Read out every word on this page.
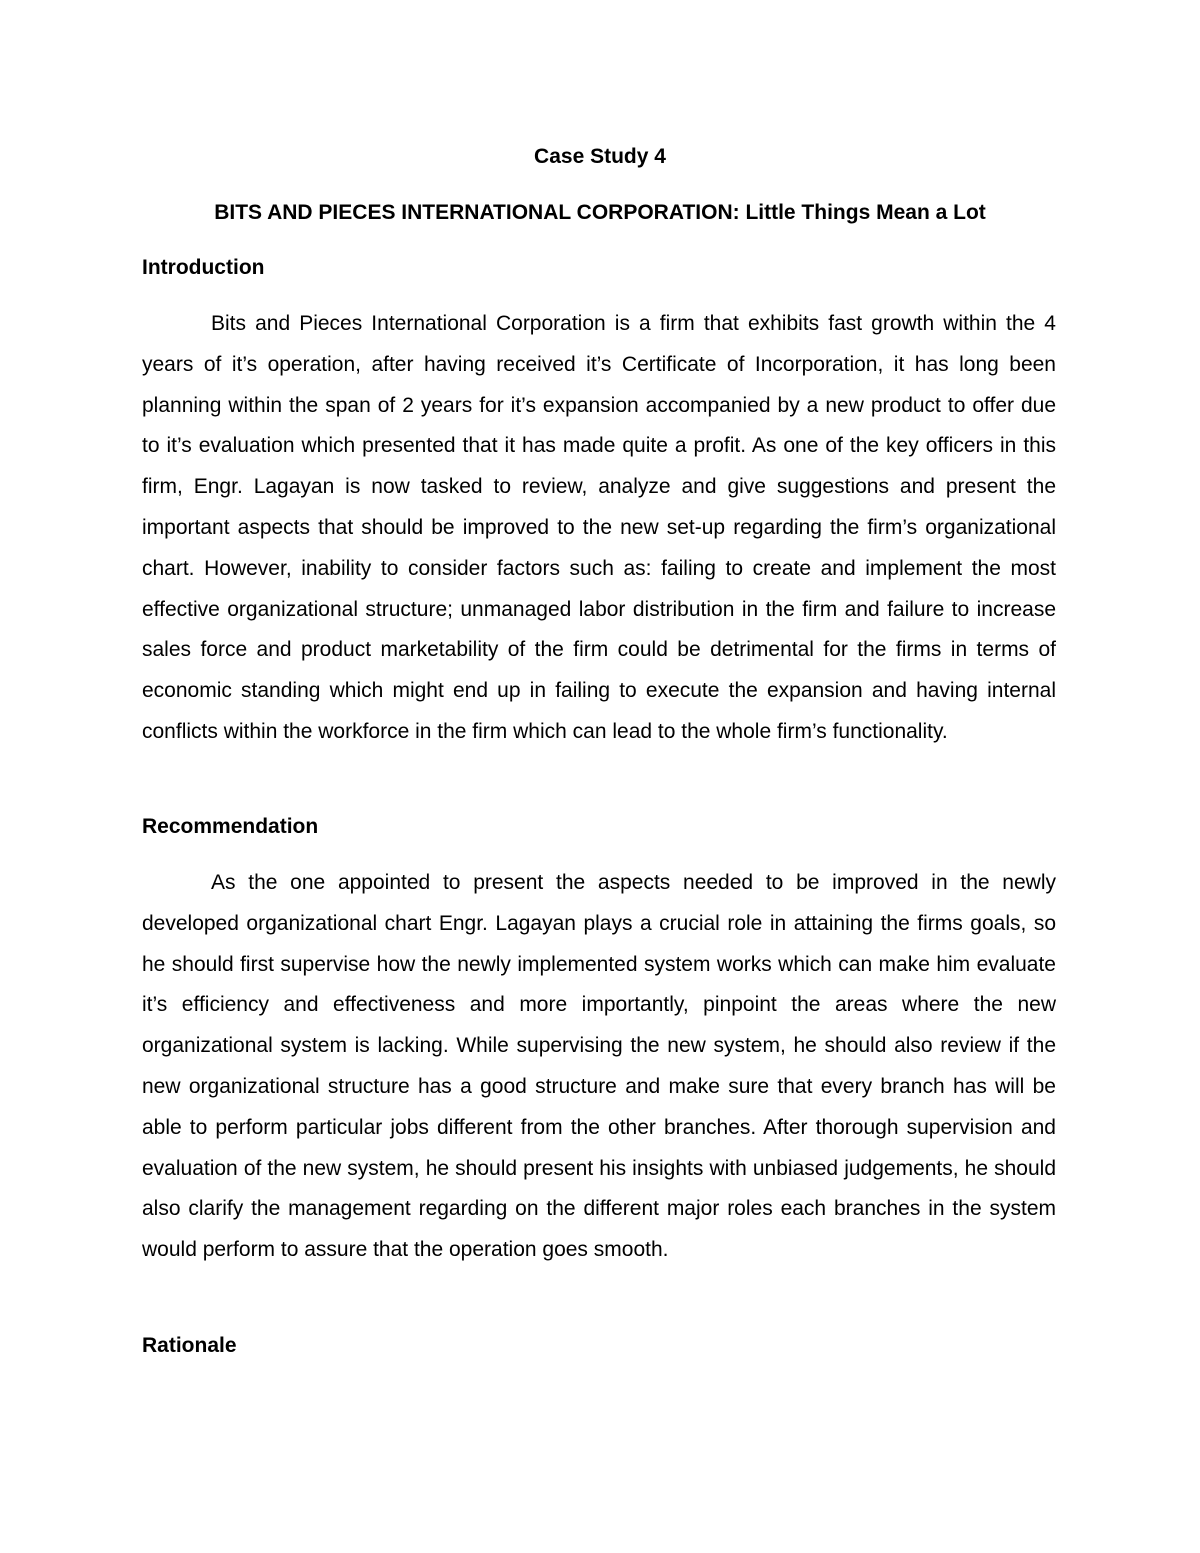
Case Study 4
BITS AND PIECES INTERNATIONAL CORPORATION: Little Things Mean a Lot
Introduction

Bits and Pieces International Corporation is a firm that exhibits fast growth within the 4 years of it’s operation, after having received it’s Certificate of Incorporation, it has long been planning within the span of 2 years for it’s expansion accompanied by a new product to offer due to it’s evaluation which presented that it has made quite a profit. As one of the key officers in this firm, Engr. Lagayan is now tasked to review, analyze and give suggestions and present the important aspects that should be improved to the new set-up regarding the firm’s organizational chart. However, inability to consider factors such as: failing to create and implement the most effective organizational structure; unmanaged labor distribution in the firm and failure to increase sales force and product marketability of the firm could be detrimental for the firms in terms of economic standing which might end up in failing to execute the expansion and having internal conflicts within the workforce in the firm which can lead to the whole firm’s functionality.

Recommendation

As the one appointed to present the aspects needed to be improved in the newly developed organizational chart Engr. Lagayan plays a crucial role in attaining the firms goals, so he should first supervise how the newly implemented system works which can make him evaluate it’s efficiency and effectiveness and more importantly, pinpoint the areas where the new organizational system is lacking. While supervising the new system, he should also review if the new organizational structure has a good structure and make sure that every branch has will be able to perform particular jobs different from the other branches. After thorough supervision and evaluation of the new system, he should present his insights with unbiased judgements, he should also clarify the management regarding on the different major roles each branches in the system would perform to assure that the operation goes smooth.

Rationale
